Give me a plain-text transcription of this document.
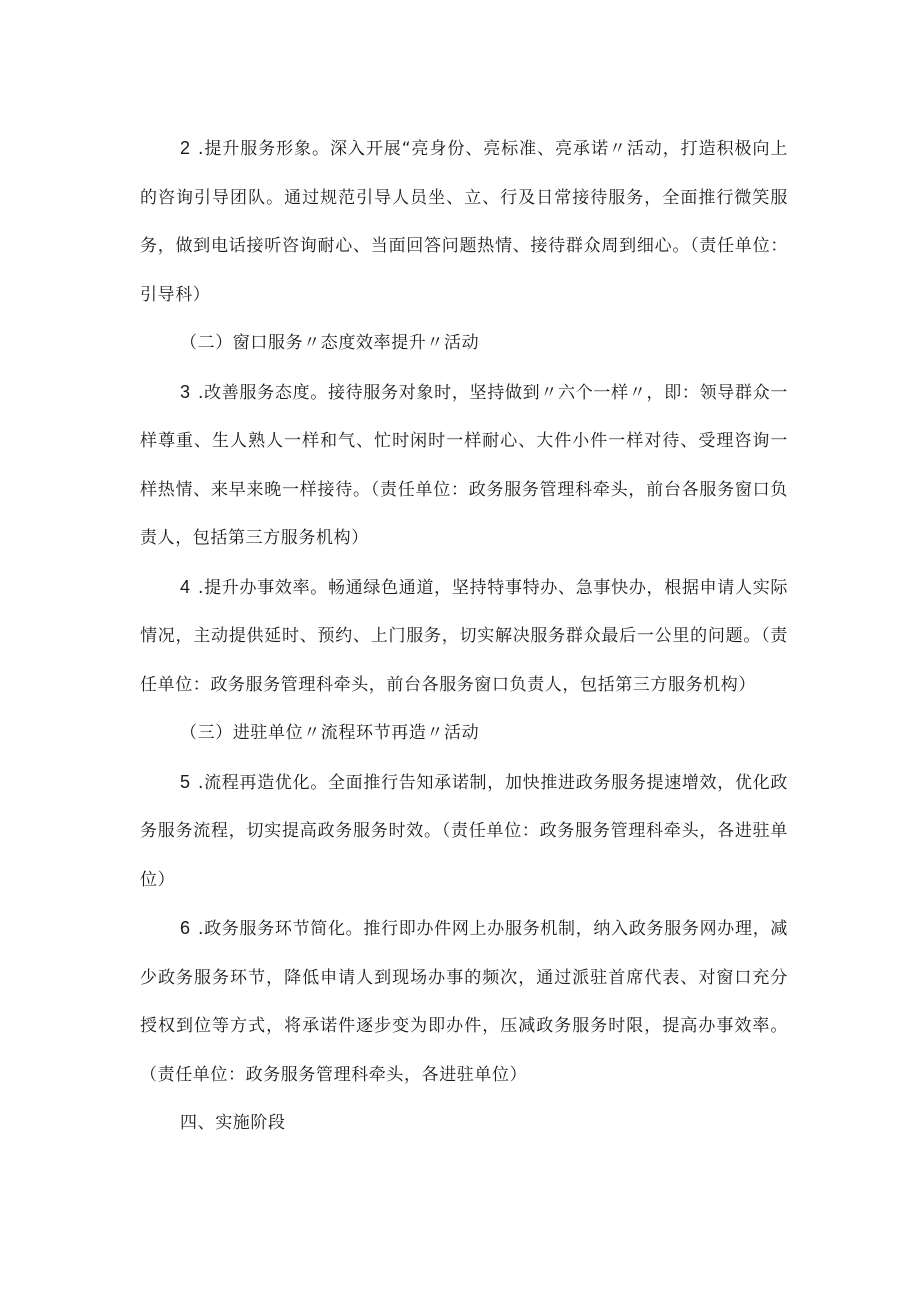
2 .提升服务形象。深入开展“亮身份、亮标准、亮承诺〃活动，打造积极向上的咨询引导团队。通过规范引导人员坐、立、行及日常接待服务，全面推行微笑服务，做到电话接听咨询耐心、当面回答问题热情、接待群众周到细心。（责任单位：引导科）

（二）窗口服务〃态度效率提升〃活动

3 .改善服务态度。接待服务对象时，坚持做到〃六个一样〃，即：领导群众一样尊重、生人熟人一样和气、忙时闲时一样耐心、大件小件一样对待、受理咨询一样热情、来早来晚一样接待。（责任单位：政务服务管理科牵头，前台各服务窗口负责人，包括第三方服务机构）

4 .提升办事效率。畅通绿色通道，坚持特事特办、急事快办，根据申请人实际情况，主动提供延时、预约、上门服务，切实解决服务群众最后一公里的问题。（责任单位：政务服务管理科牵头，前台各服务窗口负责人，包括第三方服务机构）

（三）进驻单位〃流程环节再造〃活动

5 .流程再造优化。全面推行告知承诺制，加快推进政务服务提速增效，优化政务服务流程，切实提高政务服务时效。（责任单位：政务服务管理科牵头，各进驻单位）

6 .政务服务环节简化。推行即办件网上办服务机制，纳入政务服务网办理，减少政务服务环节，降低申请人到现场办事的频次，通过派驻首席代表、对窗口充分授权到位等方式，将承诺件逐步变为即办件，压减政务服务时限，提高办事效率。（责任单位：政务服务管理科牵头，各进驻单位）

四、实施阶段
